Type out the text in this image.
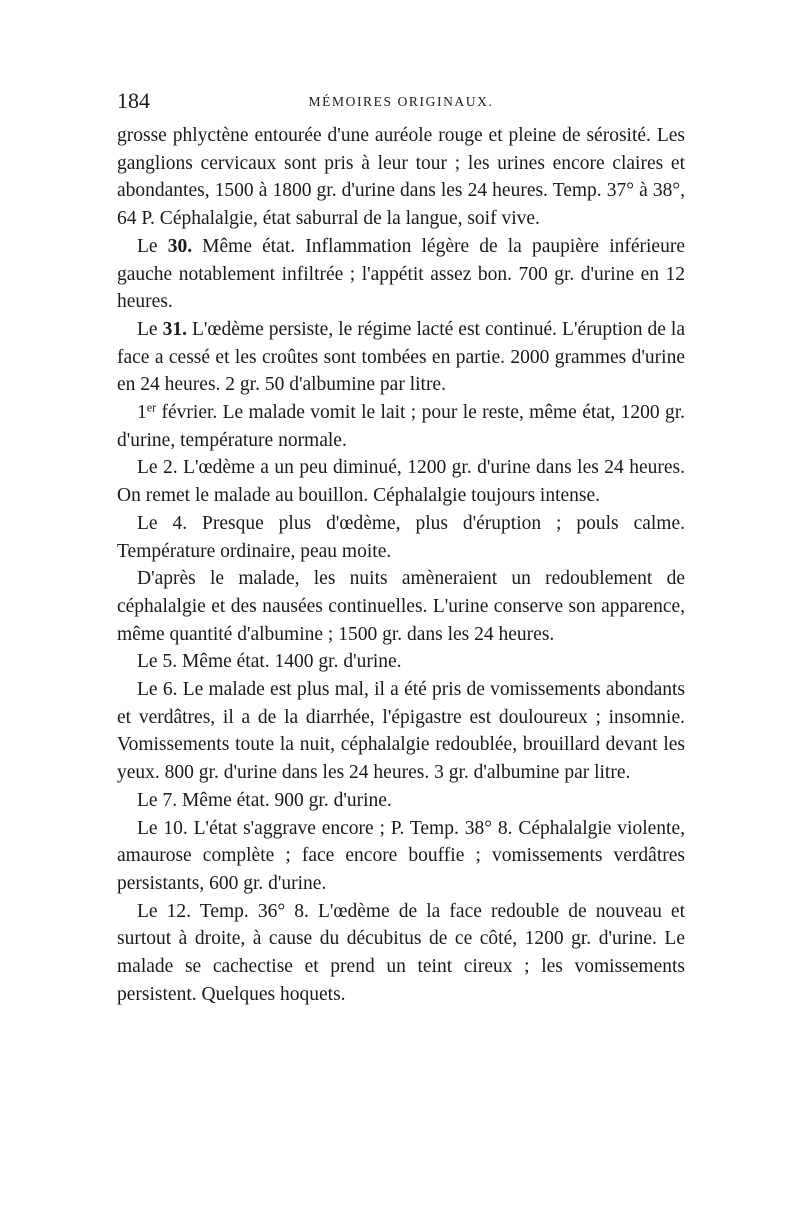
184	MÉMOIRES ORIGINAUX.

grosse phlyctène entourée d'une auréole rouge et pleine de sérosité. Les ganglions cervicaux sont pris à leur tour ; les urines encore claires et abondantes, 1500 à 1800 gr. d'urine dans les 24 heures. Temp. 37° à 38°, 64 P. Céphalalgie, état saburral de la langue, soif vive.

Le 30. Même état. Inflammation légère de la paupière inférieure gauche notablement infiltrée ; l'appétit assez bon. 700 gr. d'urine en 12 heures.

Le 31. L'œdème persiste, le régime lacté est continué. L'éruption de la face a cessé et les croûtes sont tombées en partie. 2000 grammes d'urine en 24 heures. 2 gr. 50 d'albumine par litre.

1er février. Le malade vomit le lait ; pour le reste, même état, 1200 gr. d'urine, température normale.

Le 2. L'œdème a un peu diminué, 1200 gr. d'urine dans les 24 heures. On remet le malade au bouillon. Céphalalgie toujours intense.

Le 4. Presque plus d'œdème, plus d'éruption ; pouls calme. Température ordinaire, peau moite.

D'après le malade, les nuits amèneraient un redoublement de céphalalgie et des nausées continuelles. L'urine conserve son apparence, même quantité d'albumine ; 1500 gr. dans les 24 heures.

Le 5. Même état. 1400 gr. d'urine.

Le 6. Le malade est plus mal, il a été pris de vomissements abondants et verdâtres, il a de la diarrhée, l'épigastre est douloureux ; insomnie. Vomissements toute la nuit, céphalalgie redoublée, brouillard devant les yeux. 800 gr. d'urine dans les 24 heures. 3 gr. d'albumine par litre.

Le 7. Même état. 900 gr. d'urine.

Le 10. L'état s'aggrave encore ; P. Temp. 38° 8. Céphalalgie violente, amaurose complète ; face encore bouffie ; vomissements verdâtres persistants, 600 gr. d'urine.

Le 12. Temp. 36° 8. L'œdème de la face redouble de nouveau et surtout à droite, à cause du décubitus de ce côté, 1200 gr. d'urine. Le malade se cachectise et prend un teint cireux ; les vomissements persistent. Quelques hoquets.
